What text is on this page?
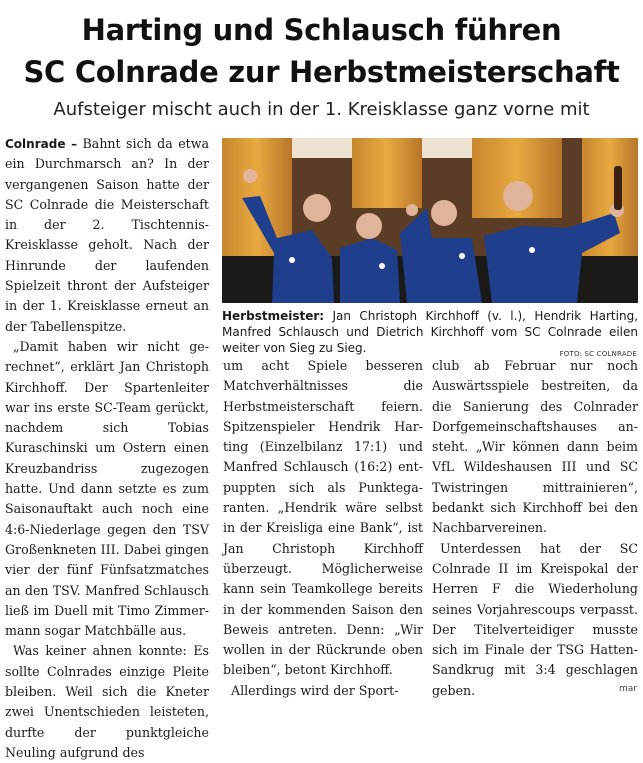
Harting und Schlausch führen
SC Colnrade zur Herbstmeisterschaft
Aufsteiger mischt auch in der 1. Kreisklasse ganz vorne mit

Colnrade – Bahnt sich da etwa ein Durchmarsch an? In der vergangenen Saison hatte der SC Colnrade die Meisterschaft in der 2. Tischtennis-Kreisklasse geholt. Nach der Hinrunde der laufenden Spielzeit thront der Aufsteiger in der 1. Kreisklasse erneut an der Tabellenspitze.

„Damit haben wir nicht gerechnet“, erklärt Jan Christoph Kirchhoff. Der Spartenleiter war ins erste SC-Team gerückt, nachdem sich Tobias Kuraschinski um Ostern einen Kreuzbandriss zugezogen hatte. Und dann setzte es zum Saisonauftakt auch noch eine 4:6-Niederlage gegen den TSV Großenkneten III. Dabei gingen vier der fünf Fünfsatzmatches an den TSV. Manfred Schlausch ließ im Duell mit Timo Zimmermann sogar Matchbälle aus.

Was keiner ahnen konnte: Es sollte Colnrades einzige Pleite bleiben. Weil sich die Kneter zwei Unentschieden leisteten, durfte der punktgleiche Neuling aufgrund des

Herbstmeister: Jan Christoph Kirchhoff (v. l.), Hendrik Harting, Manfred Schlausch und Dietrich Kirchhoff vom SC Colnrade eilen weiter von Sieg zu Sieg.	FOTO: SC COLNRADE

um acht Spiele besseren Matchverhältnisses die Herbstmeisterschaft feiern. Spitzenspieler Hendrik Harting (Einzelbilanz 17:1) und Manfred Schlausch (16:2) entpuppten sich als Punktegaranten. „Hendrik wäre selbst in der Kreisliga eine Bank“, ist Jan Christoph Kirchhoff überzeugt. Möglicherweise kann sein Teamkollege bereits in der kommenden Saison den Beweis antreten. Denn: „Wir wollen in der Rückrunde oben bleiben“, betont Kirchhoff.

Allerdings wird der Sport-

club ab Februar nur noch Auswärtsspiele bestreiten, da die Sanierung des Colnrader Dorfgemeinschaftshauses ansteht. „Wir können dann beim VfL Wildeshausen III und SC Twistringen mittrainieren“, bedankt sich Kirchhoff bei den Nachbarvereinen.

Unterdessen hat der SC Colnrade II im Kreispokal der Herren F die Wiederholung seines Vorjahrescoups verpasst. Der Titelverteidiger musste sich im Finale der TSG Hatten-Sandkrug mit 3:4 geschlagen geben.	mar
